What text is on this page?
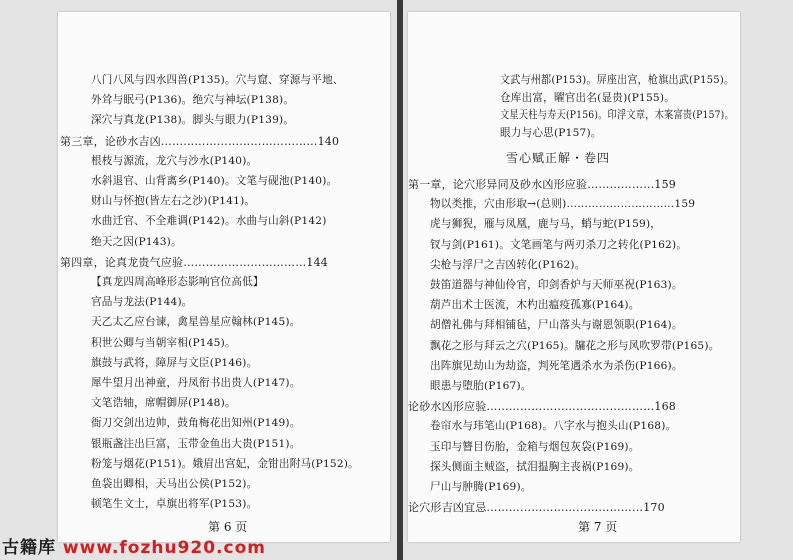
八门八风与四水四兽(P135)。穴与窟、穿源与平地、
外耸与眠弓(P136)。绝穴与神坛(P138)。
深穴与真龙(P138)。脚头与眼力(P139)。
第三章，论砂水吉凶……………………………………140
根枝与源流，龙穴与沙水(P140)。
水斜退官、山背离乡(P140)。文笔与砚池(P140)。
财山与怀抱(皆左右之沙)(P141)。
水曲迁官、不全难调(P142)。水曲与山斜(P142)
绝天之因(P143)。
第四章，论真龙贵气应验……………………………144
【真龙四周高峰形态影响官位高低】
官品与龙法(P144)。
天乙太乙应台谏，禽星兽星应翰林(P145)。
积世公卿与当朝宰相(P145)。
旗鼓与武将，障屏与文臣(P146)。
犀牛望月出神童，丹凤衔书出贵人(P147)。
文笔诰轴，席帽御屏(P148)。
衙刀交剑出边帅，鼓角梅花出知州(P149)。
银瓶盏注出巨富，玉带金鱼出大贵(P151)。
粉笼与烟花(P151)。娥眉出宫妃，金钳出附马(P152)。
鱼袋出卿相，天马出公侯(P152)。
顿笔生文士，卓旗出将军(P153)。
第 6 页
文武与州都(P153)。屏座出宫，枪旗出武(P155)。
仓库出富，曜官出名(显贵)(P155)。
文星天柱与寿天(P156)。印浮文章，木案富贵(P157)。
眼力与心思(P157)。
雪心赋正解・卷四
第一章，论穴形异同及砂水凶形应验………………159
物以类推，穴由形取→(总则)…………………………159
虎与狮猊，雁与凤凰，鹿与马，蛸与蛇(P159)，
钗与剑(P161)。文笔画笔与两刃杀刀之转化(P162)。
尖枪与浮尸之吉凶转化(P162)。
鼓笛道器与神仙伶官，印剑香炉与天师巫祝(P163)。
葫芦出术士医流，木杓出瘟疫孤寡(P164)。
胡僧礼佛与拜相铺毡，尸山落头与谢恩领职(P164)。
飘花之形与拜云之穴(P165)。牖花之形与风吹罗带(P165)。
出阵旗见劫山为劫盗，判死笔遇杀水为杀伤(P166)。
眼患与堕胎(P167)。
论砂水凶形应验………………………………………168
卷帘水与玮笔山(P168)。八字水与抱头山(P168)。
玉印与簪目伤胎，金箱与烟包灰袋(P169)。
探头侧面主贼盗，拭泪揾胸主丧祸(P169)。
尸山与肿腾(P169)。
论穴形吉凶宜忌……………………………………170
第 7 页
古籍库 www.fozhu920.com
